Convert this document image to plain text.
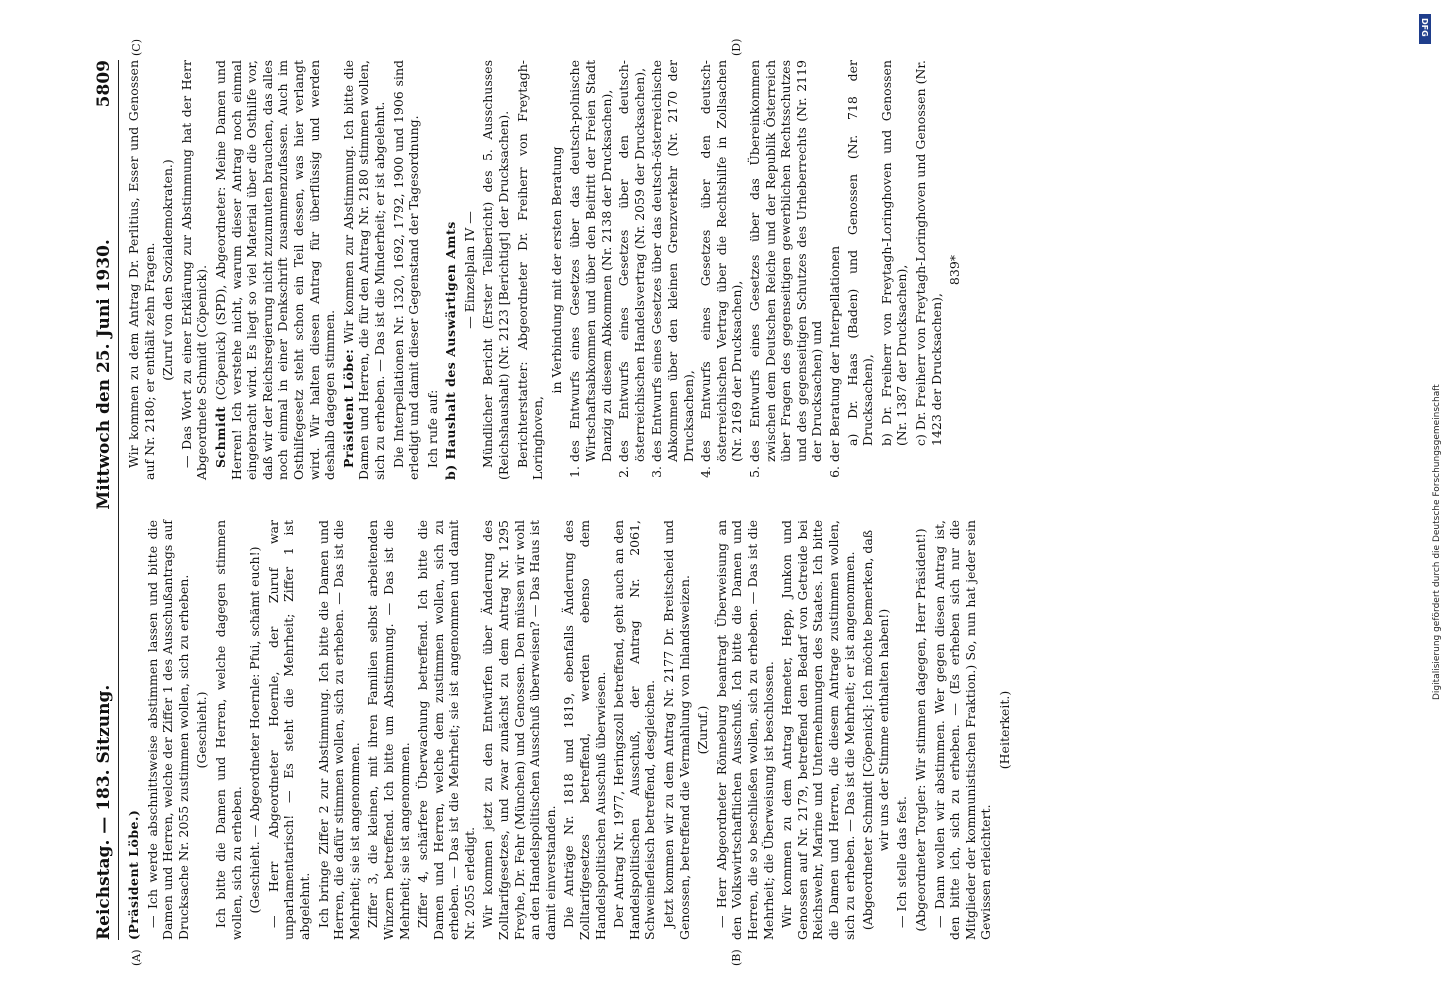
Reichstag. — 183. Sitzung.
Mittwoch den 25. Juni 1930.  5809
(A)	(B)
(C)	(D)

(Präsident Löbe.) — Ich werde abschnittsweise abstimmen lassen und bitte die Damen und Herren, welche der Ziffer 1 des Ausschußantrags auf Drucksache Nr. 2055 zustimmen wollen, sich zu erheben. (Geschieht.) Ich bitte die Damen und Herren, welche dagegen stimmen wollen, sich zu erheben. (Geschieht. — Abgeordneter Hoernle: Pfui, schämt euch!) — Herr Abgeordneter Hoernle, der Zuruf war unparlamentarisch! — Es steht die Mehrheit; Ziffer 1 ist abgelehnt. Ich bringe Ziffer 2 zur Abstimmung. Ich bitte die Damen und Herren, die dafür stimmen wollen, sich zu erheben. — Das ist die Mehrheit; sie ist angenommen. Ziffer 3, die kleinen, mit ihren Familien selbst arbeitenden Winzern betreffend. Ich bitte um Abstimmung. — Das ist die Mehrheit; sie ist angenommen. Ziffer 4, schärfere Überwachung betreffend. Ich bitte die Damen und Herren, welche dem zustimmen wollen, sich zu erheben. — Das ist die Mehrheit; sie ist angenommen und damit Nr. 2055 erledigt. Wir kommen jetzt zu den Entwürfen über Änderung des Zolltarifgesetzes, und zwar zunächst zu dem Antrag Nr. 1295 Freyhe, Dr. Fehr (München) und Genossen. Den müssen wir wohl an den Handelspolitischen Ausschuß überweisen? — Das Haus ist damit einverstanden. Die Anträge Nr. 1818 und 1819, ebenfalls Änderung des Zolltarifgesetzes betreffend, werden ebenso dem Handelspolitischen Ausschuß überwiesen. Der Antrag Nr. 1977, Heringszoll betreffend, geht auch an den Handelspolitischen Ausschuß, der Antrag Nr. 2061, Schweinefleisch betreffend, desgleichen. Jetzt kommen wir zu dem Antrag Nr. 2177 Dr. Breitscheid und Genossen, betreffend die Vermahlung von Inlandsweizen. (Zuruf.) — Herr Abgeordneter Rönneburg beantragt Überweisung an den Volkswirtschaftlichen Ausschuß. Ich bitte die Damen und Herren, die so beschließen wollen, sich zu erheben. — Das ist die Mehrheit; die Überweisung ist beschlossen. Wir kommen zu dem Antrag Hemeter, Hepp, Junkon und Genossen auf Nr. 2179, betreffend den Bedarf von Getreide bei Reichswehr, Marine und Unternehmungen des Staates. Ich bitte die Damen und Herren, die diesem Antrage zustimmen wollen, sich zu erheben. — Das ist die Mehrheit; er ist angenommen. (Abgeordneter Schmidt [Cöpenick]: Ich möchte bemerken, daß wir uns der Stimme enthalten haben!)

— Ich stelle das fest. (Abgeordneter Torgler: Wir stimmen dagegen, Herr Präsident!) — Dann wollen wir abstimmen. Wer gegen diesen Antrag ist, den bitte ich, sich zu erheben. — (Es erheben sich nur die Mitglieder der kommunistischen Fraktion.) So, nun hat jeder sein Gewissen erleichtert.

(Heiterkeit.)

Wir kommen zu dem Antrag Dr. Perlitius, Esser und Genossen auf Nr. 2180; er enthält zehn Fragen. (Zuruf von den Sozialdemokraten.) — Das Wort zu einer Erklärung zur Abstimmung hat der Herr Abgeordnete Schmidt (Cöpenick). Schmidt (Cöpenick) (SPD), Abgeordneter: Meine Damen und Herren! Ich verstehe nicht, warum dieser Antrag noch einmal eingebracht wird. Es liegt so viel Material über die Osthilfe vor, daß wir der Reichsregierung nicht zuzumuten brauchen, das alles noch einmal in einer Denkschrift zusammenzufassen. Auch im Osthilfegesetz steht schon ein Teil dessen, was hier verlangt wird. Wir halten diesen Antrag für überflüssig und werden deshalb dagegen stimmen. Präsident Löbe: Wir kommen zur Abstimmung. Ich bitte die Damen und Herren, die für den Antrag Nr. 2180 stimmen wollen, sich zu erheben. — Das ist die Minderheit; er ist abgelehnt. Die Interpellationen Nr. 1320, 1692, 1792, 1900 und 1906 sind erledigt und damit dieser Gegenstand der Tagesordnung. Ich rufe auf: b) Haushalt des Auswärtigen Amts — Einzelplan IV — Mündlicher Bericht (Erster Teilbericht) des 5. Ausschusses (Reichshaushalt) (Nr. 2123 [Berichtigt] der Drucksachen). Berichterstatter: Abgeordneter Dr. Freiherr von Freytagh-Loringhoven,

in Verbindung mit der ersten Beratung 1. des Entwurfs eines Gesetzes über das deutsch-polnische Wirtschaftsabkommen und über den Beitritt der Freien Stadt Danzig zu diesem Abkommen (Nr. 2138 der Drucksachen), 2. des Entwurfs eines Gesetzes über den deutsch-österreichischen Handelsvertrag (Nr. 2059 der Drucksachen), 3. des Entwurfs eines Gesetzes über das deutsch-österreichische Abkommen über den kleinen Grenzverkehr (Nr. 2170 der Drucksachen), 4. des Entwurfs eines Gesetzes über den deutsch-österreichischen Vertrag über die Rechtshilfe in Zollsachen (Nr. 2169 der Drucksachen), 5. des Entwurfs eines Gesetzes über das Übereinkommen zwischen dem Deutschen Reiche und der Republik Österreich über Fragen des gegenseitigen gewerblichen Rechtsschutzes und des gegenseitigen Schutzes des Urheberrechts (Nr. 2119 der Drucksachen) und 6. der Beratung der Interpellationen a) Dr. Haas (Baden) und Genossen (Nr. 718 der Drucksachen), b) Dr. Freiherr von Freytagh-Loringhoven und Genossen (Nr. 1387 der Drucksachen), c) Dr. Freiherr von Freytagh-Loringhoven und Genossen (Nr. 1423 der Drucksachen),

839*

DFG
Digitalisierung gefördert durch die Deutsche Forschungsgemeinschaft
